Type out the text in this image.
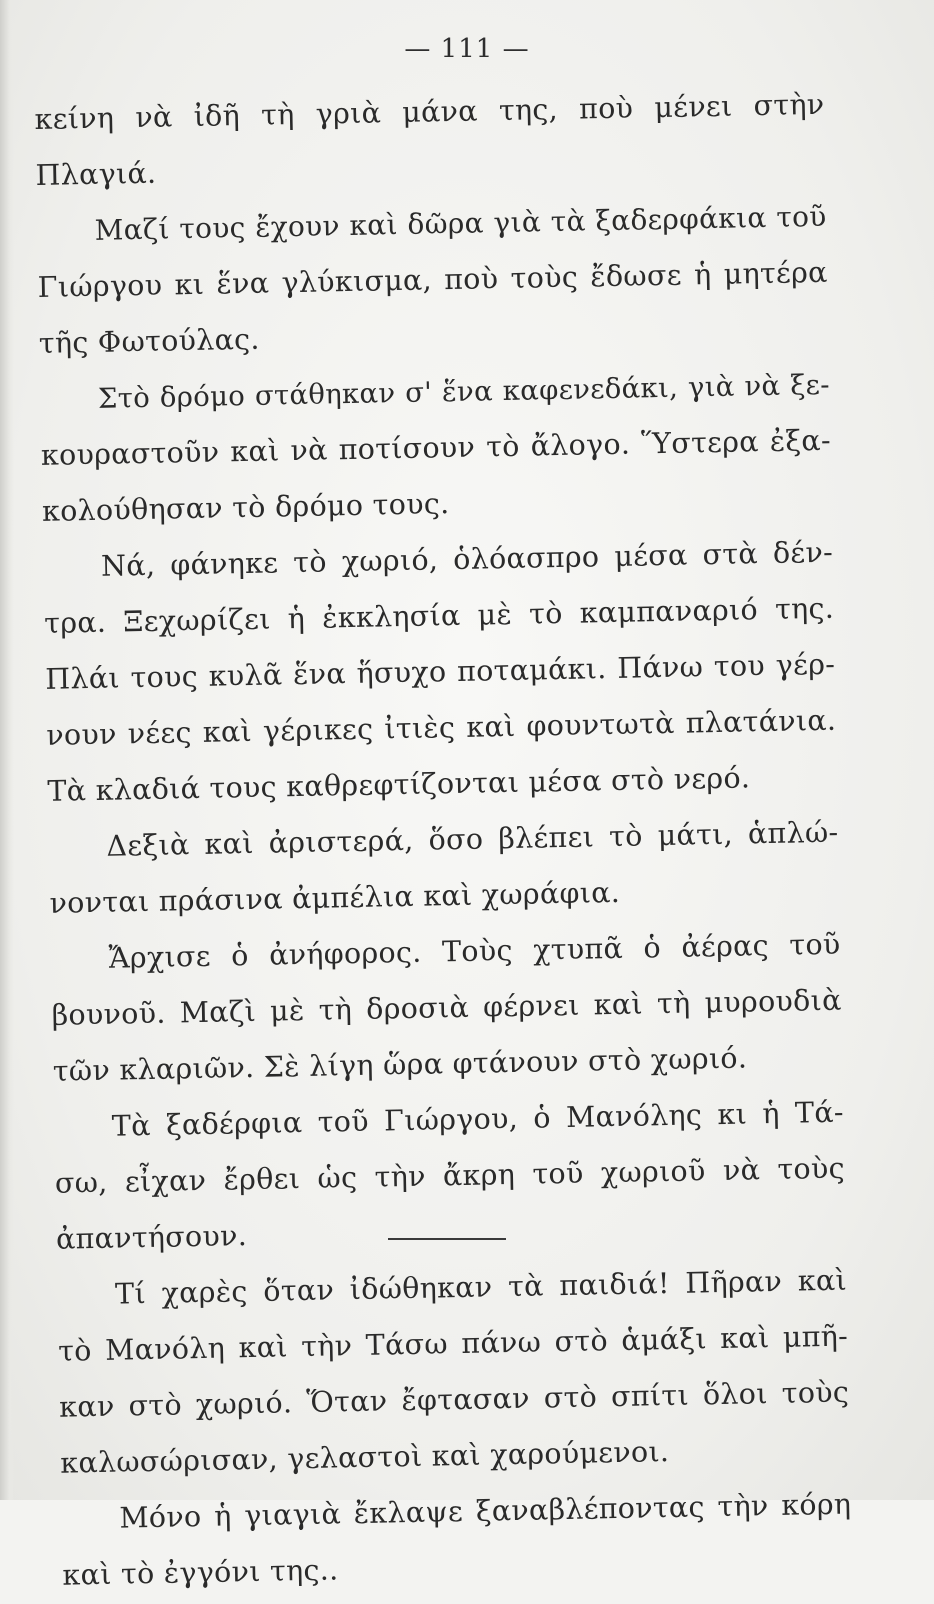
— 111 —
κείνη νὰ ἰδῆ τὴ γριὰ μάνα της, ποὺ μένει στὴν
Πλαγιά.
Μαζί τους ἔχουν καὶ δῶρα γιὰ τὰ ξαδερφάκια τοῦ
Γιώργου κι ἕνα γλύκισμα, ποὺ τοὺς ἔδωσε ἡ μητέρα
τῆς Φωτούλας.
Στὸ δρόμο στάθηκαν σ' ἕνα καφενεδάκι, γιὰ νὰ ξε-
κουραστοῦν καὶ νὰ ποτίσουν τὸ ἄλογο. Ὕστερα ἐξα-
κολούθησαν τὸ δρόμο τους.
Νά, φάνηκε τὸ χωριό, ὁλόασπρο μέσα στὰ δέν-
τρα. Ξεχωρίζει ἡ ἐκκλησία μὲ τὸ καμπαναριό της.
Πλάι τους κυλᾶ ἕνα ἥσυχο ποταμάκι. Πάνω του γέρ-
νουν νέες καὶ γέρικες ἰτιὲς καὶ φουντωτὰ πλατάνια.
Τὰ κλαδιά τους καθρεφτίζονται μέσα στὸ νερό.
Δεξιὰ καὶ ἀριστερά, ὅσο βλέπει τὸ μάτι, ἁπλώ-
νονται πράσινα ἀμπέλια καὶ χωράφια.
Ἄρχισε ὁ ἀνήφορος. Τοὺς χτυπᾶ ὁ ἀέρας τοῦ
βουνοῦ. Μαζὶ μὲ τὴ δροσιὰ φέρνει καὶ τὴ μυρουδιὰ
τῶν κλαριῶν. Σὲ λίγη ὥρα φτάνουν στὸ χωριό.
Τὰ ξαδέρφια τοῦ Γιώργου, ὁ Μανόλης κι ἡ Τά-
σω, εἶχαν ἔρθει ὡς τὴν ἄκρη τοῦ χωριοῦ νὰ τοὺς
ἀπαντήσουν.
Τί χαρὲς ὅταν ἰδώθηκαν τὰ παιδιά! Πῆραν καὶ
τὸ Μανόλη καὶ τὴν Τάσω πάνω στὸ ἁμάξι καὶ μπῆ-
καν στὸ χωριό. Ὅταν ἔφτασαν στὸ σπίτι ὅλοι τοὺς
καλωσώρισαν, γελαστοὶ καὶ χαρούμενοι.
Μόνο ἡ γιαγιὰ ἔκλαψε ξαναβλέποντας τὴν κόρη
καὶ τὸ ἐγγόνι της..
